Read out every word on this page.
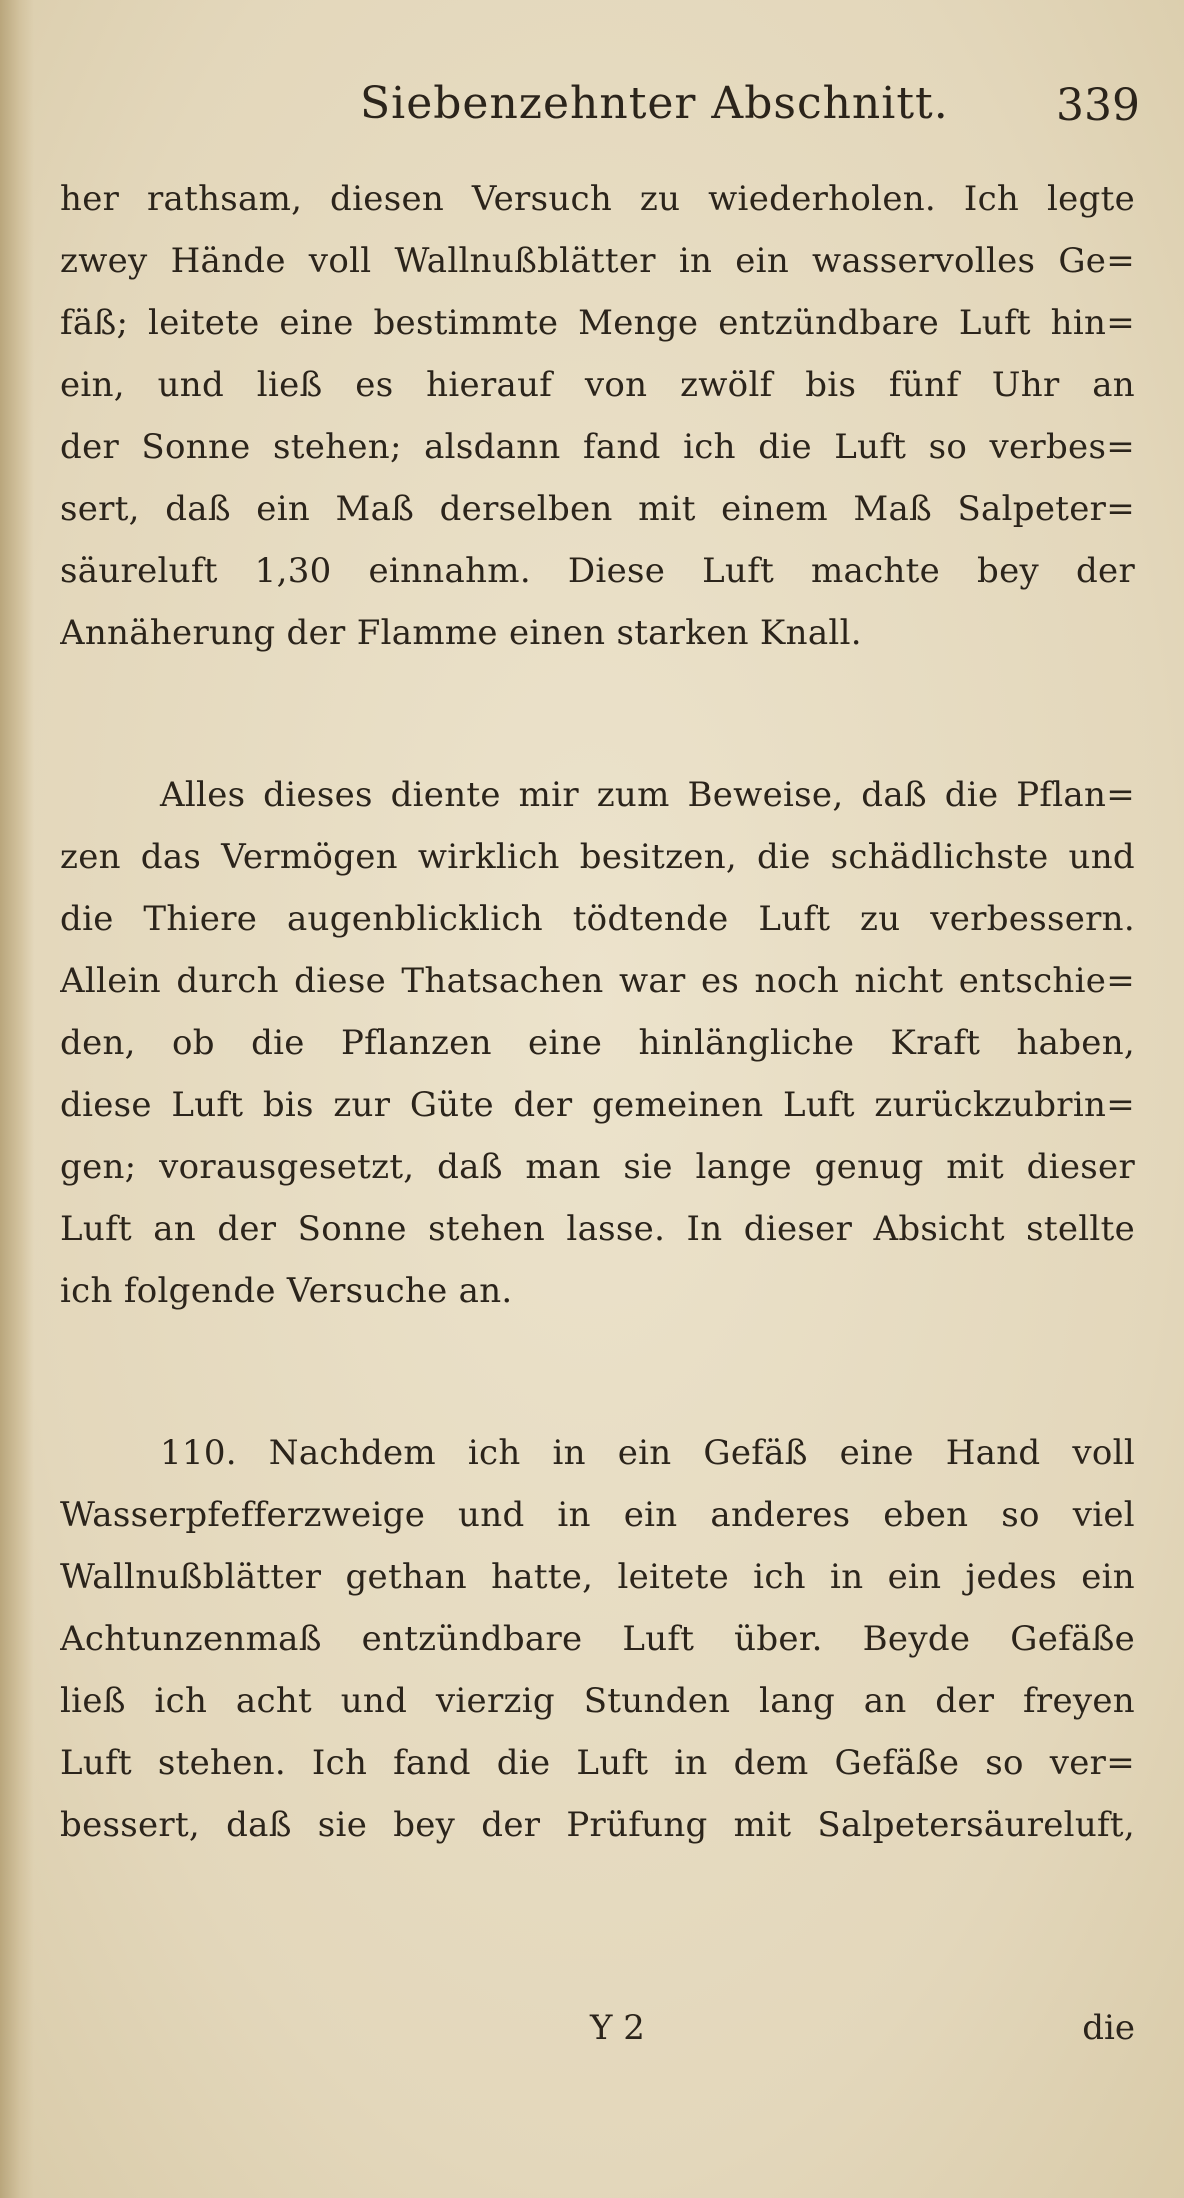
Siebenzehnter Abschnitt. 339
her rathsam, diesen Versuch zu wiederholen. Ich legte
zwey Hände voll Wallnußblätter in ein wasservolles Ge=
fäß; leitete eine bestimmte Menge entzündbare Luft hin=
ein, und ließ es hierauf von zwölf bis fünf Uhr an
der Sonne stehen; alsdann fand ich die Luft so verbes=
sert, daß ein Maß derselben mit einem Maß Salpeter=
säureluft 1,30 einnahm. Diese Luft machte bey der
Annäherung der Flamme einen starken Knall.
Alles dieses diente mir zum Beweise, daß die Pflan=
zen das Vermögen wirklich besitzen, die schädlichste und
die Thiere augenblicklich tödtende Luft zu verbessern.
Allein durch diese Thatsachen war es noch nicht entschie=
den, ob die Pflanzen eine hinlängliche Kraft haben,
diese Luft bis zur Güte der gemeinen Luft zurückzubrin=
gen; vorausgesetzt, daß man sie lange genug mit dieser
Luft an der Sonne stehen lasse. In dieser Absicht stellte
ich folgende Versuche an.
110. Nachdem ich in ein Gefäß eine Hand voll
Wasserpfefferzweige und in ein anderes eben so viel
Wallnußblätter gethan hatte, leitete ich in ein jedes ein
Achtunzenmaß entzündbare Luft über. Beyde Gefäße
ließ ich acht und vierzig Stunden lang an der freyen
Luft stehen. Ich fand die Luft in dem Gefäße so ver=
bessert, daß sie bey der Prüfung mit Salpetersäureluft,
Y 2	die
